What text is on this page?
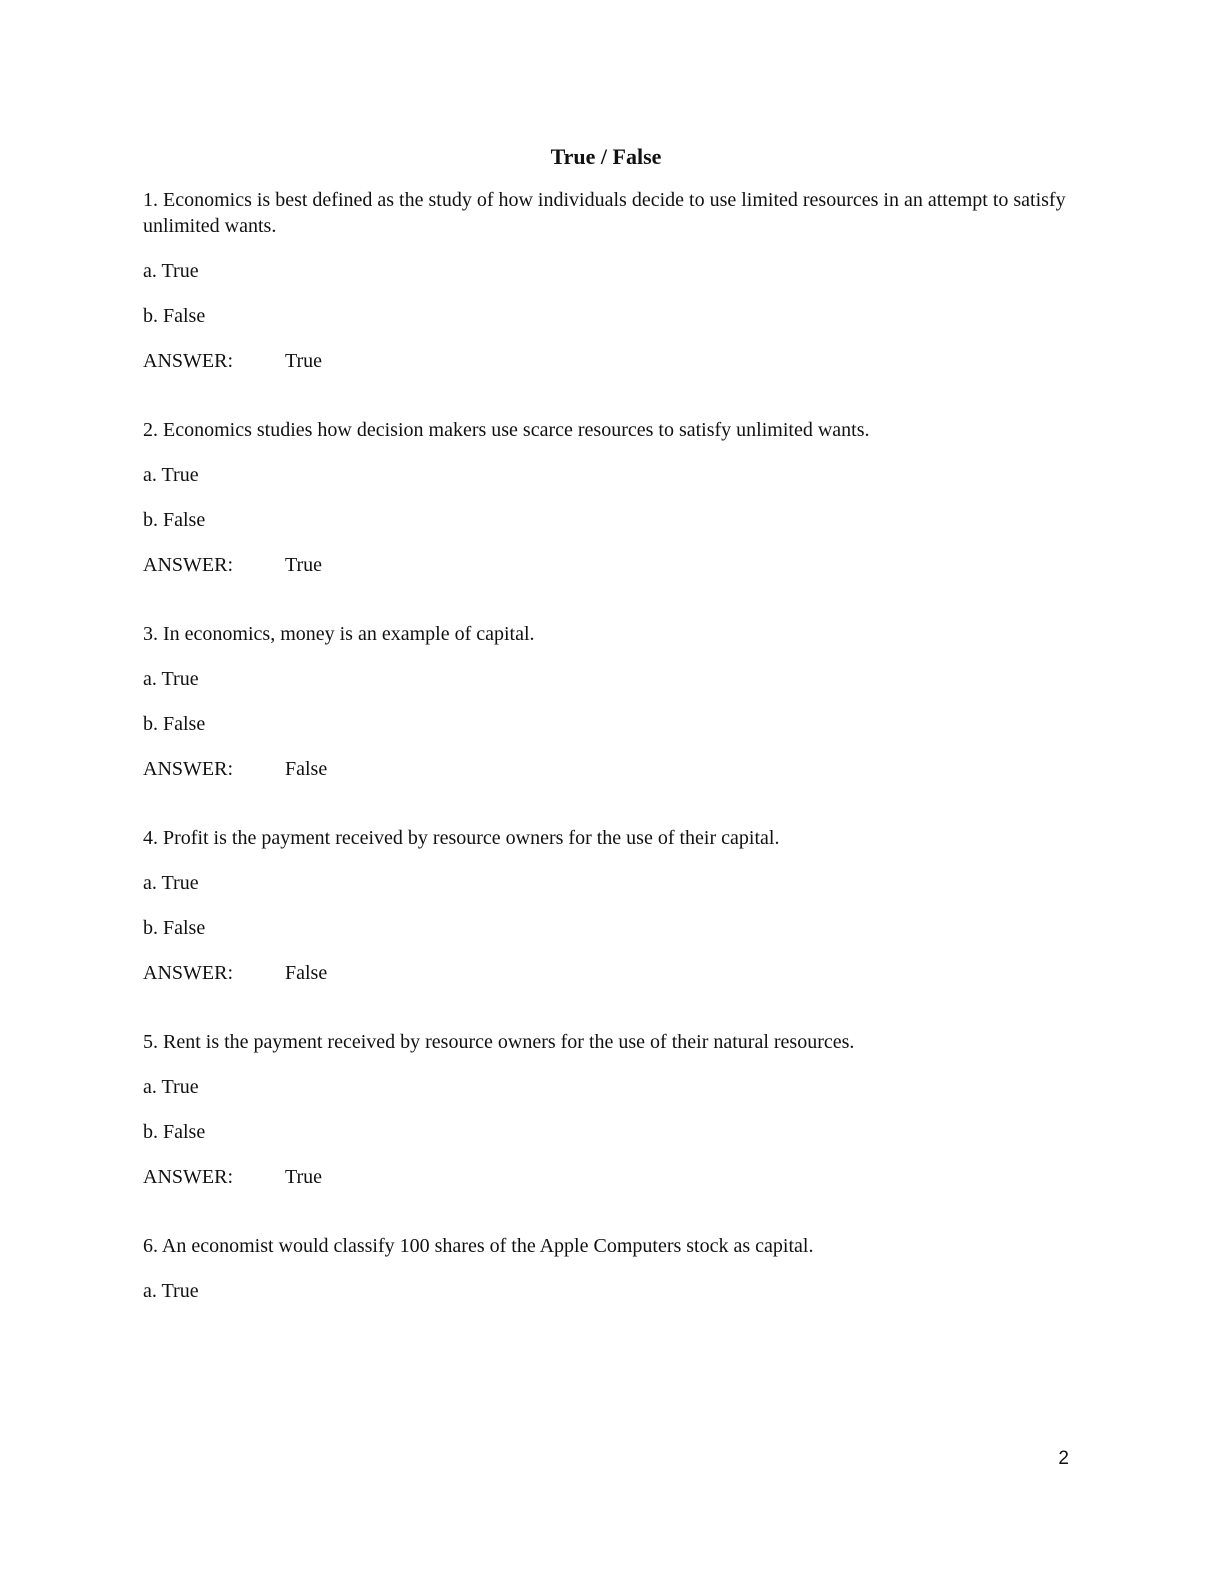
True / False

1. Economics is best defined as the study of how individuals decide to use limited resources in an attempt to satisfy unlimited wants.

a. True

b. False

ANSWER:	True

2. Economics studies how decision makers use scarce resources to satisfy unlimited wants.

a. True

b. False

ANSWER:	True

3. In economics, money is an example of capital.

a. True

b. False

ANSWER:	False

4. Profit is the payment received by resource owners for the use of their capital.

a. True

b. False

ANSWER:	False

5. Rent is the payment received by resource owners for the use of their natural resources.

a. True

b. False

ANSWER:	True

6. An economist would classify 100 shares of the Apple Computers stock as capital.

a. True

2
